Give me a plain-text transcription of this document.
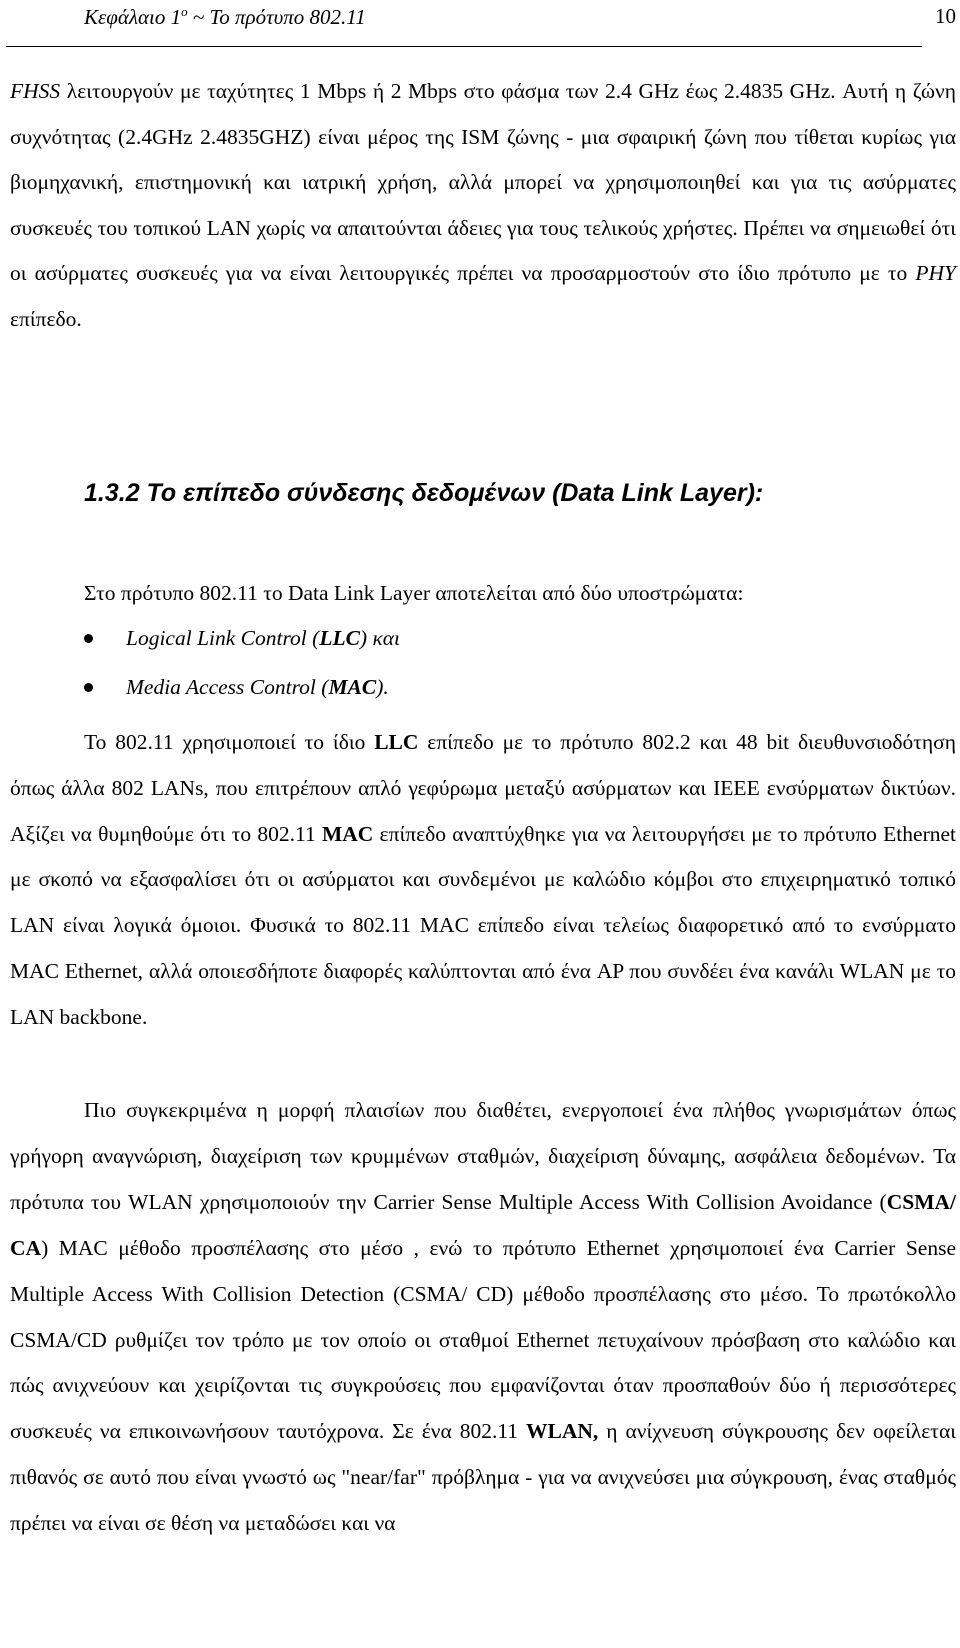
Κεφάλαιο $1^o$ ~ Το πρότυπο 802.11	10

FHSS λειτουργούν με ταχύτητες 1 Mbps ή 2 Mbps στο φάσμα των 2.4 GHz έως 2.4835 GHz. Αυτή η ζώνη συχνότητας (2.4GHz 2.4835GHZ) είναι μέρος της ISM ζώνης - μια σφαιρική ζώνη που τίθεται κυρίως για βιομηχανική, επιστημονική και ιατρική χρήση, αλλά μπορεί να χρησιμοποιηθεί και για τις ασύρματες συσκευές του τοπικού LAN χωρίς να απαιτούνται άδειες για τους τελικούς χρήστες. Πρέπει να σημειωθεί ότι οι ασύρματες συσκευές για να είναι λειτουργικές πρέπει να προσαρμοστούν στο ίδιο πρότυπο με το PHY επίπεδο.

1.3.2 Το επίπεδο σύνδεσης δεδομένων (Data Link Layer):

Στο πρότυπο 802.11 το Data Link Layer αποτελείται από δύο υποστρώματα:

Logical Link Control (LLC) και
Media Access Control (MAC).

Το 802.11 χρησιμοποιεί το ίδιο LLC επίπεδο με το πρότυπο 802.2 και 48 bit διευθυνσιοδότηση όπως άλλα 802 LANs, που επιτρέπουν απλό γεφύρωμα μεταξύ ασύρματων και IEEE ενσύρματων δικτύων. Αξίζει να θυμηθούμε ότι το 802.11 MAC επίπεδο αναπτύχθηκε για να λειτουργήσει με το πρότυπο Ethernet με σκοπό να εξασφαλίσει ότι οι ασύρματοι και συνδεμένοι με καλώδιο κόμβοι στο επιχειρηματικό τοπικό LAN είναι λογικά όμοιοι. Φυσικά το 802.11 MAC επίπεδο είναι τελείως διαφορετικό από το ενσύρματο MAC Ethernet, αλλά οποιεσδήποτε διαφορές καλύπτονται από ένα AP που συνδέει ένα κανάλι WLAN με το LAN backbone.

Πιο συγκεκριμένα η μορφή πλαισίων που διαθέτει, ενεργοποιεί ένα πλήθος γνωρισμάτων όπως γρήγορη αναγνώριση, διαχείριση των κρυμμένων σταθμών, διαχείριση δύναμης, ασφάλεια δεδομένων. Τα πρότυπα του WLAN χρησιμοποιούν την Carrier Sense Multiple Access With Collision Avoidance (CSMA/ CA) MAC μέθοδο προσπέλασης στο μέσο , ενώ το πρότυπο Ethernet χρησιμοποιεί ένα Carrier Sense Multiple Access With Collision Detection (CSMA/ CD) μέθοδο προσπέλασης στο μέσο. Το πρωτόκολλο CSMA/CD ρυθμίζει τον τρόπο με τον οποίο οι σταθμοί Ethernet πετυχαίνουν πρόσβαση στο καλώδιο και πώς ανιχνεύουν και χειρίζονται τις συγκρούσεις που εμφανίζονται όταν προσπαθούν δύο ή περισσότερες συσκευές να επικοινωνήσουν ταυτόχρονα. Σε ένα 802.11 WLAN, η ανίχνευση σύγκρουσης δεν οφείλεται πιθανός σε αυτό που είναι γνωστό ως "near/far" πρόβλημα - για να ανιχνεύσει μια σύγκρουση, ένας σταθμός πρέπει να είναι σε θέση να μεταδώσει και να
